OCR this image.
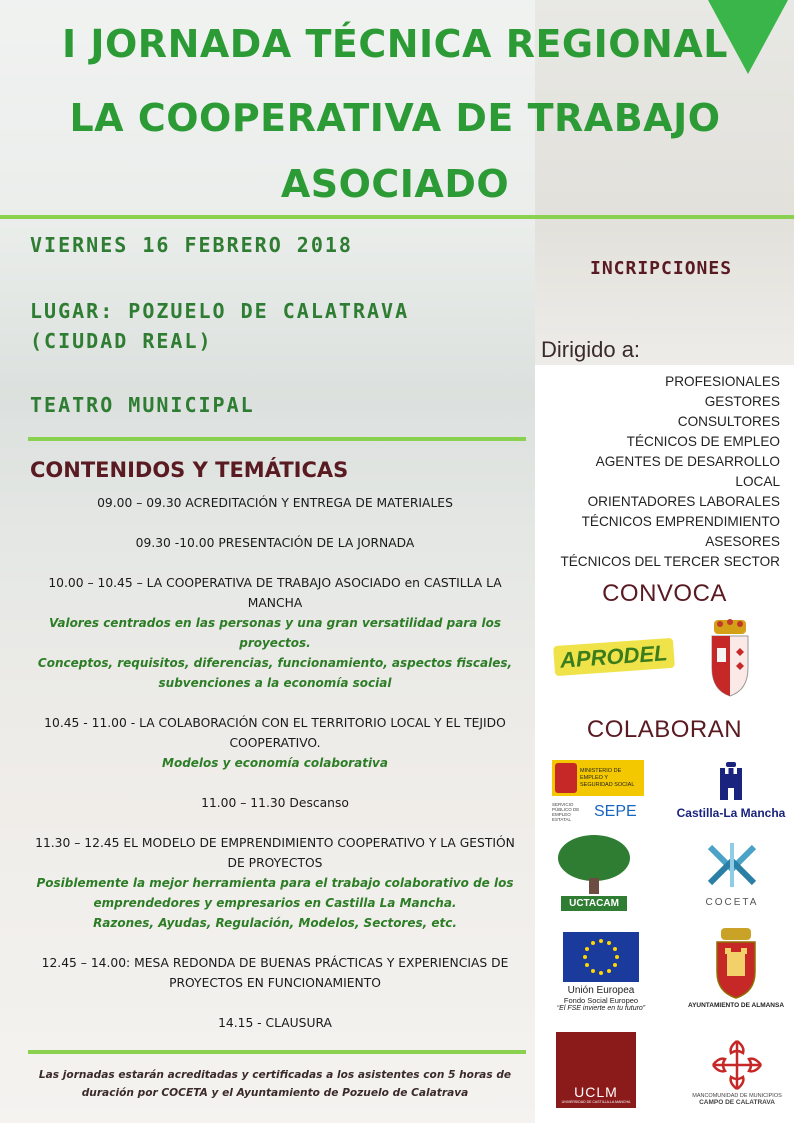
I JORNADA TÉCNICA REGIONAL
LA COOPERATIVA DE TRABAJO
ASOCIADO
VIERNES 16 FEBRERO 2018
LUGAR: POZUELO DE CALATRAVA
(CIUDAD REAL)
TEATRO MUNICIPAL
CONTENIDOS Y TEMÁTICAS
09.00 – 09.30 ACREDITACIÓN Y ENTREGA DE MATERIALES
09.30 -10.00 PRESENTACIÓN DE LA JORNADA
10.00 – 10.45 – LA COOPERATIVA DE TRABAJO ASOCIADO en CASTILLA LA MANCHA
Valores centrados en las personas y una gran versatilidad para los proyectos.
Conceptos, requisitos, diferencias, funcionamiento, aspectos fiscales, subvenciones a la economía social
10.45 - 11.00 - LA COLABORACIÓN CON EL TERRITORIO LOCAL Y EL TEJIDO COOPERATIVO.
Modelos y economía colaborativa
11.00 – 11.30 Descanso
11.30 – 12.45 EL MODELO DE EMPRENDIMIENTO COOPERATIVO Y LA GESTIÓN DE PROYECTOS
Posiblemente la mejor herramienta para el trabajo colaborativo de los emprendedores y empresarios en Castilla La Mancha.
Razones, Ayudas, Regulación, Modelos, Sectores, etc.
12.45 – 14.00: MESA REDONDA DE BUENAS PRÁCTICAS Y EXPERIENCIAS DE PROYECTOS EN FUNCIONAMIENTO
14.15 - CLAUSURA
Las jornadas estarán acreditadas y certificadas a los asistentes con 5 horas de duración por COCETA y el Ayuntamiento de Pozuelo de Calatrava
INCRIPCIONES
Dirigido a:
PROFESIONALES
GESTORES
CONSULTORES
TÉCNICOS DE EMPLEO
AGENTES DE DESARROLLO
LOCAL
ORIENTADORES LABORALES
TÉCNICOS EMPRENDIMIENTO
ASESORES
TÉCNICOS DEL TERCER SECTOR
CONVOCA
APRODEL
COLABORAN
MINISTERIO DE EMPLEO Y SEGURIDAD SOCIAL
SERVICIO PÚBLICO DE EMPLEO ESTATAL	SEPE	Castilla-La Mancha
UCTACAM	COCETA
Unión Europea
Fondo Social Europeo
“El FSE invierte en tu futuro”	AYUNTAMIENTO DE ALMANSA
UCLM
UNIVERSIDAD DE CASTILLA-LA MANCHA
MANCOMUNIDAD DE MUNICIPIOS
CAMPO DE CALATRAVA
